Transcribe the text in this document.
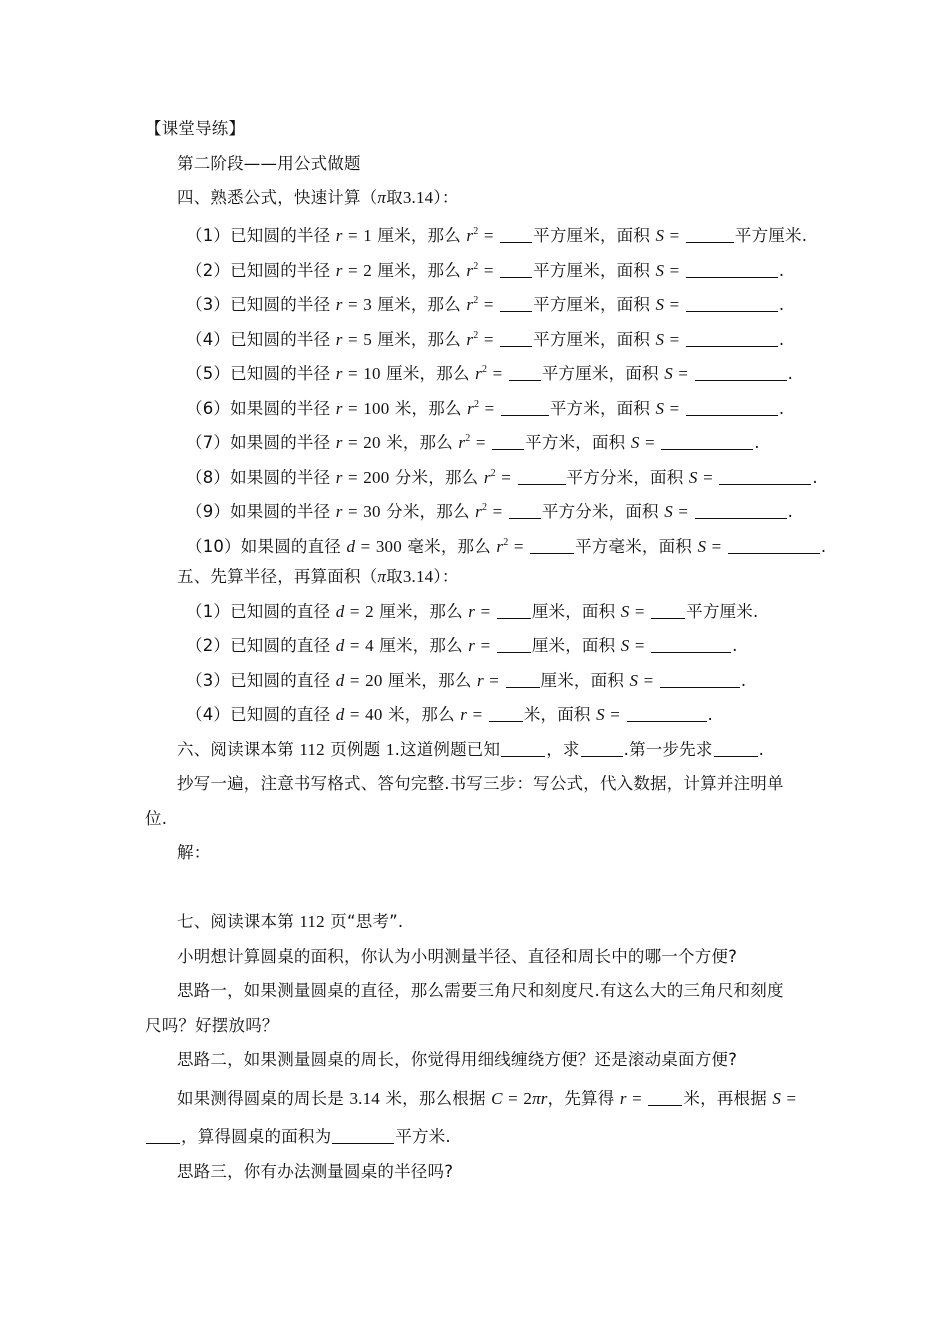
【课堂导练】
第二阶段——用公式做题
四、熟悉公式，快速计算（π取3.14）：
（1）已知圆的半径 r = 1 厘米，那么 $r^2$ = 平方厘米，面积 S =	平方厘米.
（2）已知圆的半径 r = 2 厘米，那么 $r^2$ = 平方厘米，面积 S =	.
（3）已知圆的半径 r = 3 厘米，那么 $r^2$ = 平方厘米，面积 S =	.
（4）已知圆的半径 r = 5 厘米，那么 $r^2$ = 平方厘米，面积 S =	.
（5）已知圆的半径 r = 10 厘米，那么 $r^2$ = 平方厘米，面积 S =	.
（6）如果圆的半径 r = 100 米，那么 $r^2$ =	平方米，面积 S =	.
（7）如果圆的半径 r = 20 米，那么 $r^2$ = 平方米，面积 S =	.
（8）如果圆的半径 r = 200 分米，那么 $r^2$ =	平方分米，面积 S =	.
（9）如果圆的半径 r = 30 分米，那么 $r^2$ = 平方分米，面积 S =	.
（10）如果圆的直径 d = 300 毫米，那么 $r^2$ =	平方毫米，面积 S =	.
五、先算半径，再算面积（π取3.14）：
（1）已知圆的直径 d = 2 厘米，那么 r =	厘米，面积 S =	平方厘米.
（2）已知圆的直径 d = 4 厘米，那么 r =	厘米，面积 S =	.
（3）已知圆的直径 d = 20 厘米，那么 r =	厘米，面积 S =	.
（4）已知圆的直径 d = 40 米，那么 r =	米，面积 S =	.
六、阅读课本第 112 页例题 1.这道例题已知	，求	.第一步先求	.
抄写一遍，注意书写格式、答句完整.书写三步：写公式，代入数据，计算并注明单
位.
解：
七、阅读课本第 112 页“思考”.
小明想计算圆桌的面积，你认为小明测量半径、直径和周长中的哪一个方便?
思路一，如果测量圆桌的直径，那么需要三角尺和刻度尺.有这么大的三角尺和刻度
尺吗？好摆放吗？
思路二，如果测量圆桌的周长，你觉得用细线缠绕方便？还是滚动桌面方便?
如果测得圆桌的周长是 3.14 米，那么根据 C = 2πr，先算得 r =	米，再根据 S =
，算得圆桌的面积为	平方米.
思路三，你有办法测量圆桌的半径吗?
